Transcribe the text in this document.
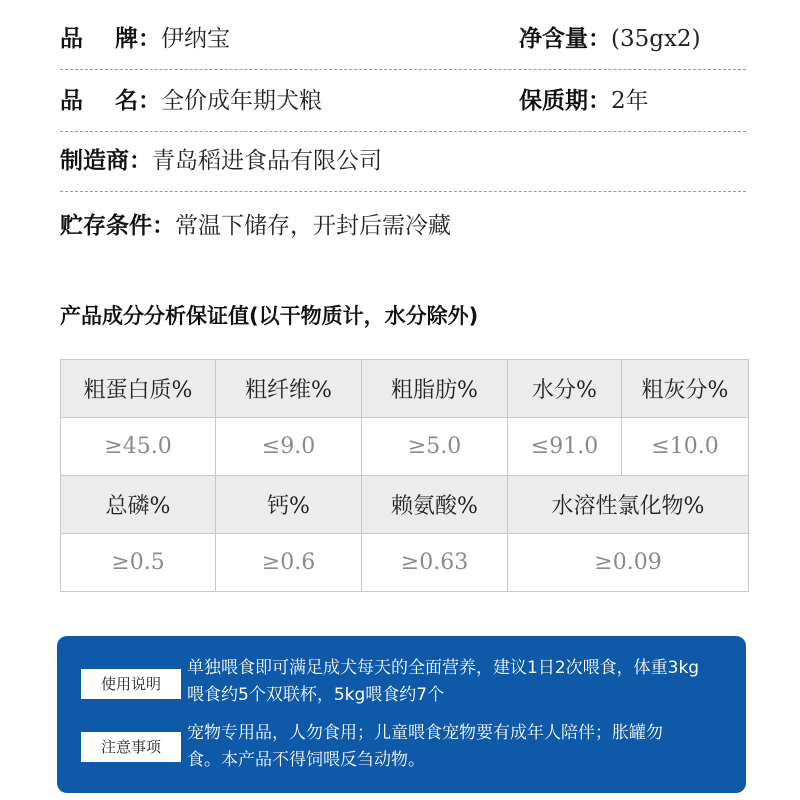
品    牌：伊纳宝	净含量：(35gx2)
品    名：全价成年期犬粮	保质期：2年
制造商：青岛稻进食品有限公司
贮存条件：常温下储存，开封后需冷藏
产品成分分析保证值(以干物质计，水分除外)
粗蛋白质%	粗纤维%	粗脂肪%	水分%	粗灰分%
≥45.0	≤9.0	≥5.0	≤91.0	≤10.0
总磷%	钙%	赖氨酸%	水溶性氯化物%	
≥0.5	≥0.6	≥0.63	≥0.09	
使用说明
单独喂食即可满足成犬每天的全面营养，建议1日2次喂食，体重3kg
喂食约5个双联杯，5kg喂食约7个
注意事项
宠物专用品，人勿食用；儿童喂食宠物要有成年人陪伴；胀罐勿
食。本产品不得饲喂反刍动物。
